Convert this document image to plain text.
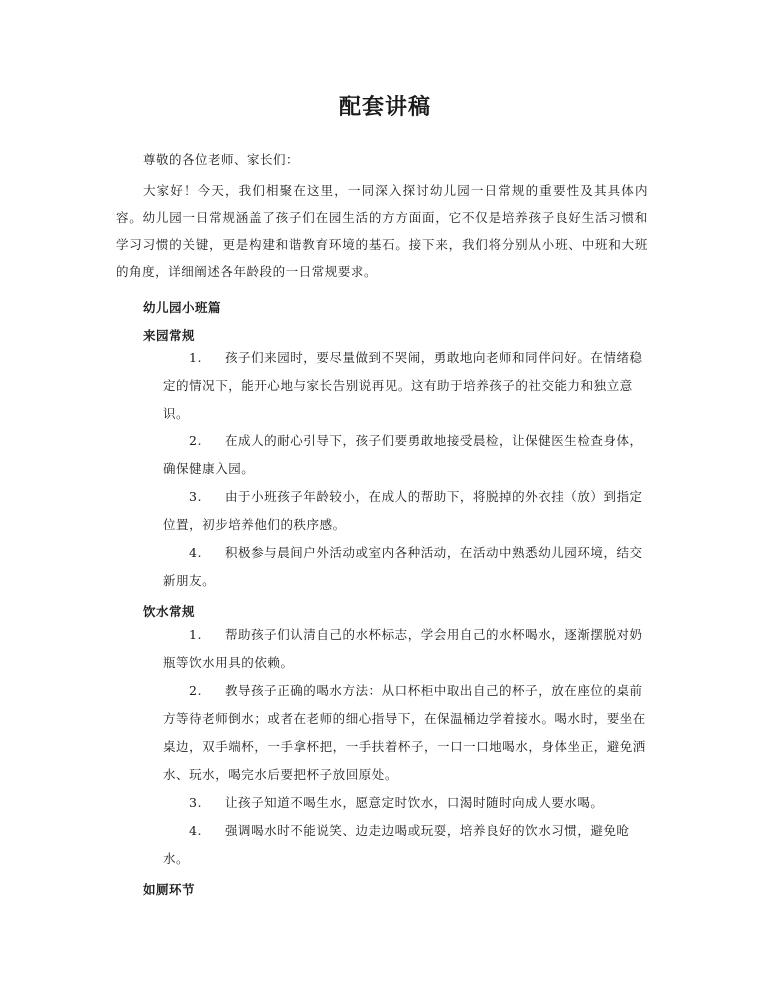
配套讲稿
尊敬的各位老师、家长们：

大家好！今天，我们相聚在这里，一同深入探讨幼儿园一日常规的重要性及其具体内容。幼儿园一日常规涵盖了孩子们在园生活的方方面面，它不仅是培养孩子良好生活习惯和学习习惯的关键，更是构建和谐教育环境的基石。接下来，我们将分别从小班、中班和大班的角度，详细阐述各年龄段的一日常规要求。

幼儿园小班篇
来园常规

1. 孩子们来园时，要尽量做到不哭闹，勇敢地向老师和同伴问好。在情绪稳定的情况下，能开心地与家长告别说再见。这有助于培养孩子的社交能力和独立意识。

2. 在成人的耐心引导下，孩子们要勇敢地接受晨检，让保健医生检查身体，确保健康入园。

3. 由于小班孩子年龄较小，在成人的帮助下，将脱掉的外衣挂（放）到指定位置，初步培养他们的秩序感。

4. 积极参与晨间户外活动或室内各种活动，在活动中熟悉幼儿园环境，结交新朋友。

饮水常规

1. 帮助孩子们认清自己的水杯标志，学会用自己的水杯喝水，逐渐摆脱对奶瓶等饮水用具的依赖。

2. 教导孩子正确的喝水方法：从口杯柜中取出自己的杯子，放在座位的桌前方等待老师倒水；或者在老师的细心指导下，在保温桶边学着接水。喝水时，要坐在桌边，双手端杯，一手拿杯把，一手扶着杯子，一口一口地喝水，身体坐正，避免洒水、玩水，喝完水后要把杯子放回原处。

3. 让孩子知道不喝生水，愿意定时饮水，口渴时随时向成人要水喝。

4. 强调喝水时不能说笑、边走边喝或玩耍，培养良好的饮水习惯，避免呛水。

如厕环节
